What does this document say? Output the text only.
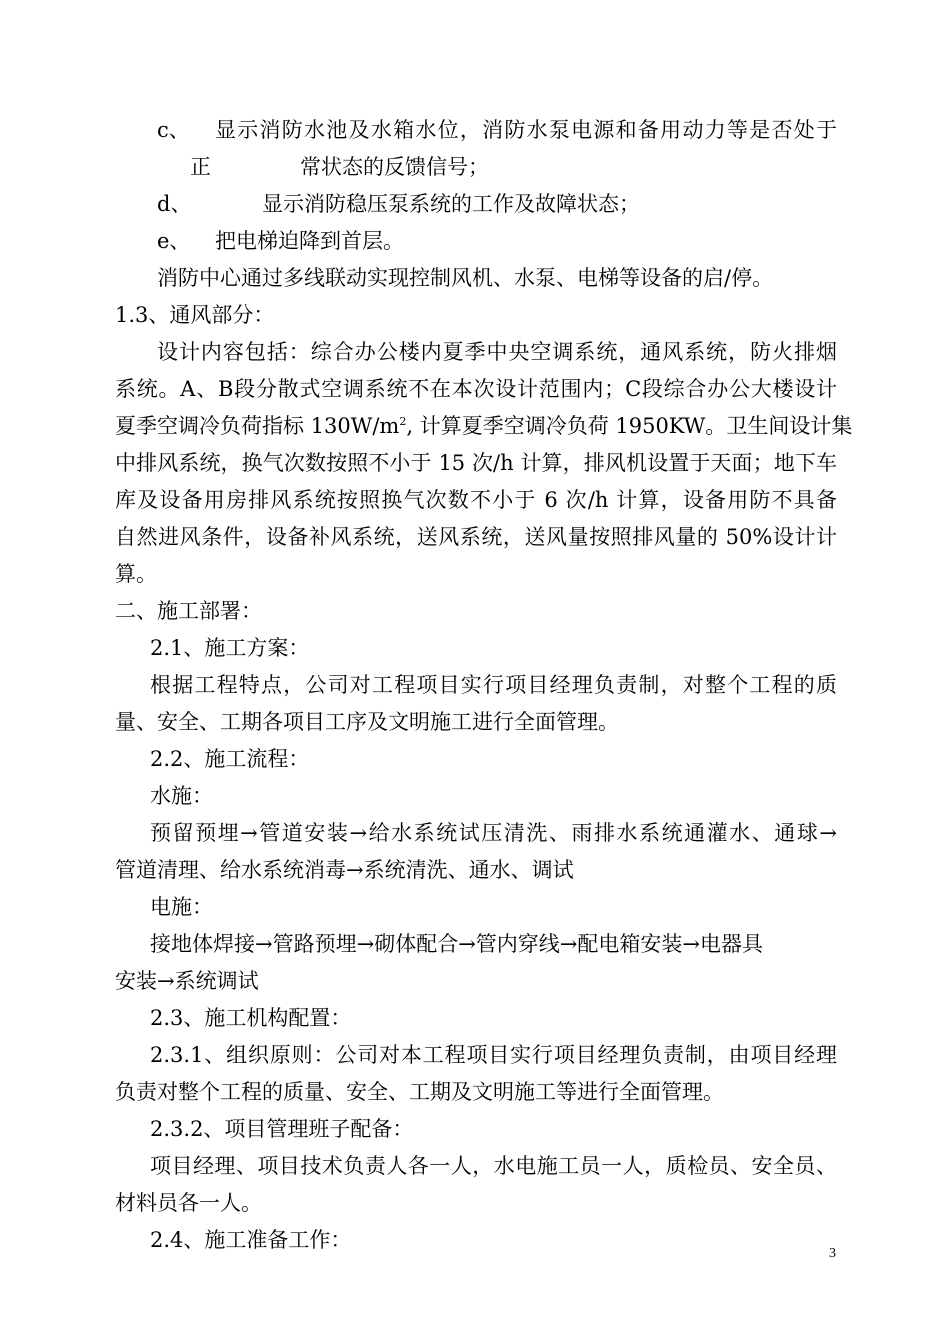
c、 显示消防水池及水箱水位，消防水泵电源和备用动力等是否处于
正	常状态的反馈信号；
d、	显示消防稳压泵系统的工作及故障状态；
e、 把电梯迫降到首层。
消防中心通过多线联动实现控制风机、水泵、电梯等设备的启/停。
1.3、通风部分：
设计内容包括：综合办公楼内夏季中央空调系统，通风系统，防火排烟
系统。A、B段分散式空调系统不在本次设计范围内；C段综合办公大楼设计
夏季空调冷负荷指标 $130W/m^2$, 计算夏季空调冷负荷 1950KW。卫生间设计集
中排风系统，换气次数按照不小于 15 次/h 计算，排风机设置于天面；地下车
库及设备用房排风系统按照换气次数不小于 6 次/h 计算，设备用防不具备
自然进风条件，设备补风系统，送风系统，送风量按照排风量的 50%设计计
算。
二、施工部署：
2.1、施工方案：
根据工程特点，公司对工程项目实行项目经理负责制，对整个工程的质
量、安全、工期各项目工序及文明施工进行全面管理。
2.2、施工流程：
水施：
预留预埋→管道安装→给水系统试压清洗、雨排水系统通灌水、通球→
管道清理、给水系统消毒→系统清洗、通水、调试
电施：
接地体焊接→管路预埋→砌体配合→管内穿线→配电箱安装→电器具
安装→系统调试
2.3、施工机构配置：
2.3.1、组织原则：公司对本工程项目实行项目经理负责制，由项目经理
负责对整个工程的质量、安全、工期及文明施工等进行全面管理。
2.3.2、项目管理班子配备：
项目经理、项目技术负责人各一人，水电施工员一人，质检员、安全员、
材料员各一人。
2.4、施工准备工作：
3
